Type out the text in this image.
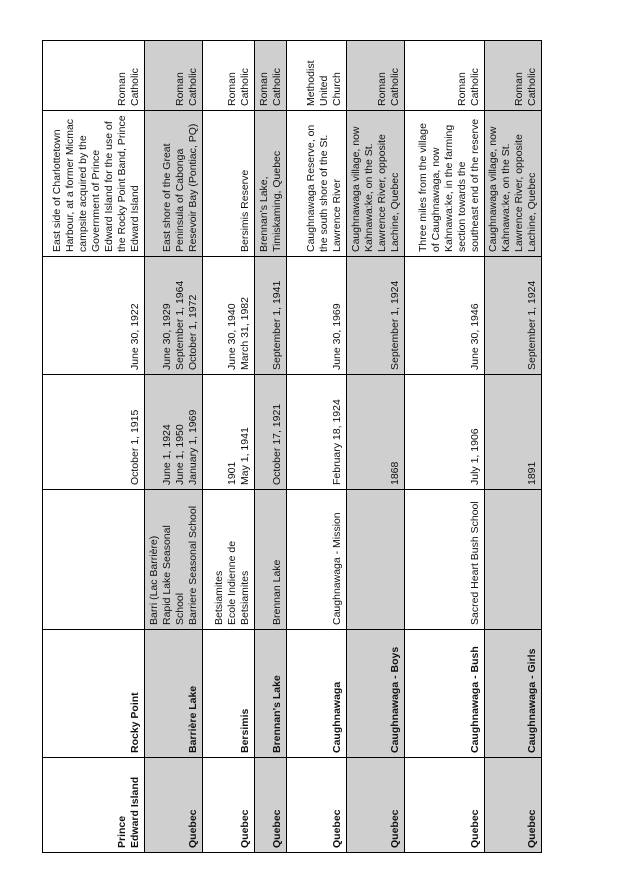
Prince Edward Island	Rocky Point		October 1, 1915	June 30, 1922	East side of Charlottetown Harbour, at a former Micmac campsite acquired by the Government of Prince Edward Island for the use of the Rocky Point Band, Prince Edward Island	Roman Catholic

Quebec	Barrière Lake	Barri (Lac Barrière) Rapid Lake Seasonal School Barriere Seasonal School	June 1, 1924 June 1, 1950 January 1, 1969	June 30, 1929 September 1, 1964 October 1, 1972	East shore of the Great Peninsula of Cabonga Resevoir Bay (Pontiac, PQ)	Roman Catholic

Quebec	Bersimis	Betsiamites Ecole Indienne de Betsiamites	1901 May 1, 1941	June 30, 1940 March 31, 1982	Bersimis Reserve	Roman Catholic

Quebec	Brennan's Lake	Brennan Lake	October 17, 1921	September 1, 1941	Brennan's Lake, Timiskaming, Quebec	Roman Catholic

Quebec	Caughnawaga	Caughnawaga - Mission	February 18, 1924	June 30, 1969	Caughnawaga Reserve, on the south shore of the St. Lawrence River	Methodist United Church

Quebec	Caughnawaga - Boys		1868	September 1, 1924	Caughnawaga village, now Kahnawa:ke, on the St. Lawrence River, opposite Lachine, Quebec	Roman Catholic

Quebec	Caughnawaga - Bush	Sacred Heart Bush School	July 1, 1906	June 30, 1946	Three miles from the village of Caughnawaga, now Kahnawa:ke, in the farming section towards the southeast end of the reserve	Roman Catholic

Quebec	Caughnawaga - Girls		1891	September 1, 1924	Caughnawaga village, now Kahnawa:ke, on the St. Lawrence River, opposite Lachine, Quebec	Roman Catholic
